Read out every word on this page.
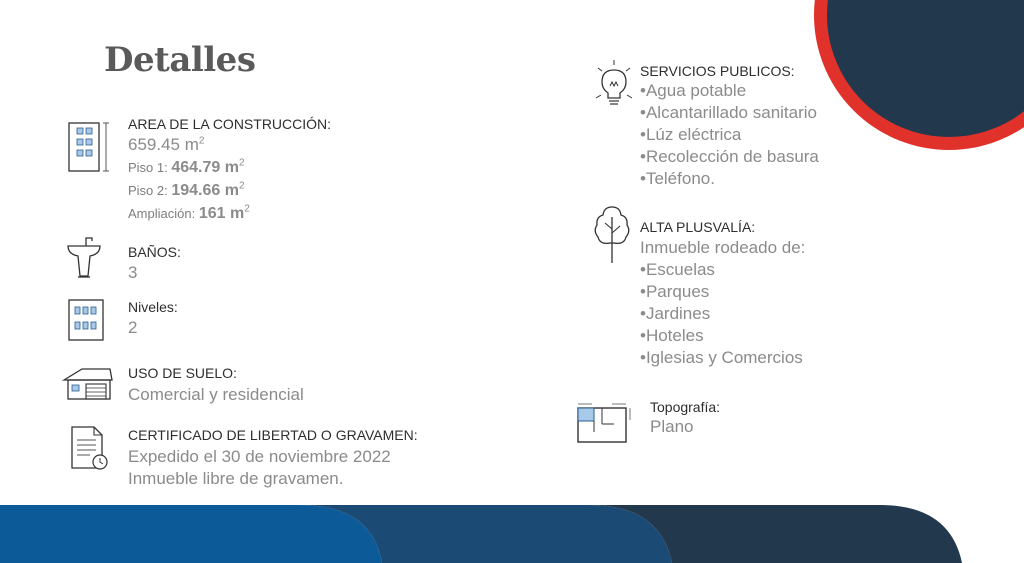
Detalles
AREA DE LA CONSTRUCCIÓN:
659.45 $m^2$
Piso 1: 464.79 $m^2$
Piso 2: 194.66 $m^2$
Ampliación: 161 $m^2$
BAÑOS:
3
Niveles:
2
USO DE SUELO:
Comercial y residencial
CERTIFICADO DE LIBERTAD O GRAVAMEN:
Expedido el 30 de noviembre 2022
Inmueble libre de gravamen.
SERVICIOS PUBLICOS:
• Agua potable
• Alcantarillado sanitario
• Lúz eléctrica
• Recolección de basura
• Teléfono.
ALTA PLUSVALÍA:
Inmueble rodeado de:
• Escuelas
• Parques
• Jardines
• Hoteles
• Iglesias y Comercios
Topografía:
Plano
